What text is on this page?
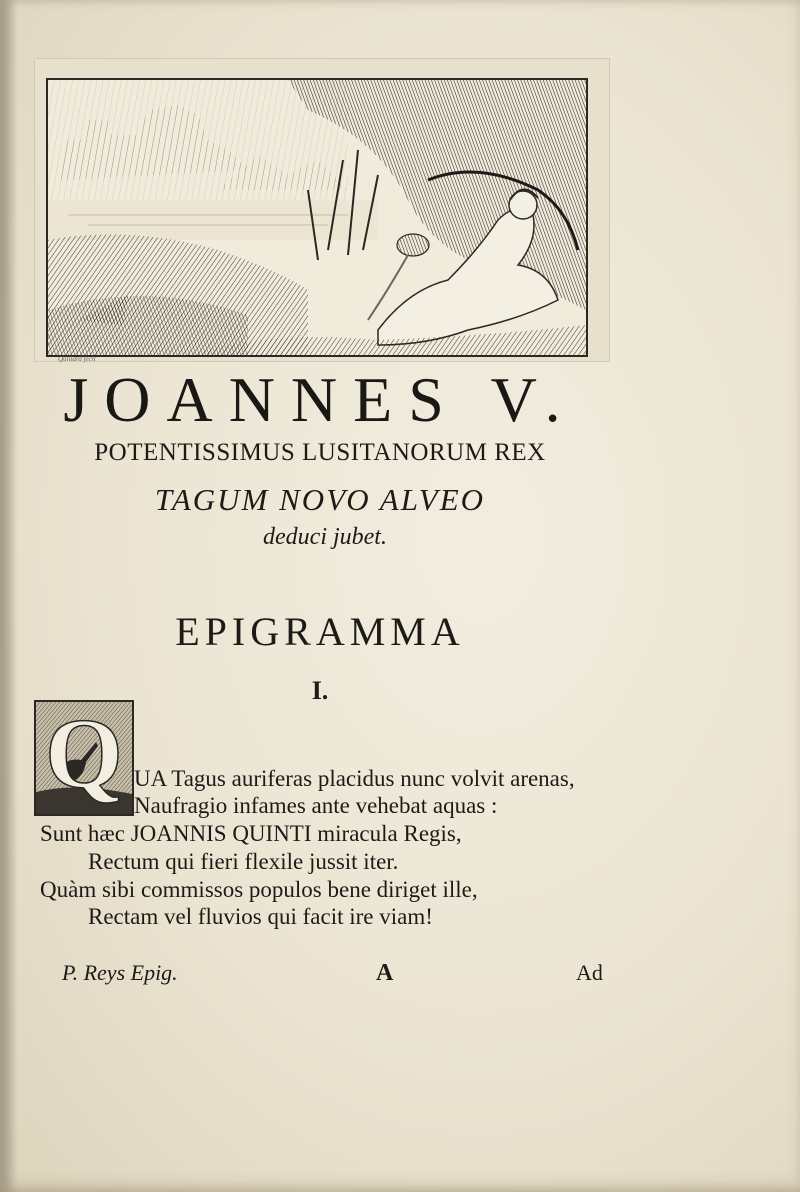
Quiliard fecit
JOANNES V.
POTENTISSIMUS LUSITANORUM REX
TAGUM NOVO ALVEO
deduci jubet.
EPIGRAMMA
I.
Q UA Tagus auriferas placidus nunc volvit arenas,
Naufragio infames ante vehebat aquas :
Sunt hæc JOANNIS QUINTI miracula Regis,
Rectum qui fieri flexile jussit iter.
Quàm sibi commissos populos bene diriget ille,
Rectam vel fluvios qui facit ire viam!
P. Reys Epig.	A	Ad
